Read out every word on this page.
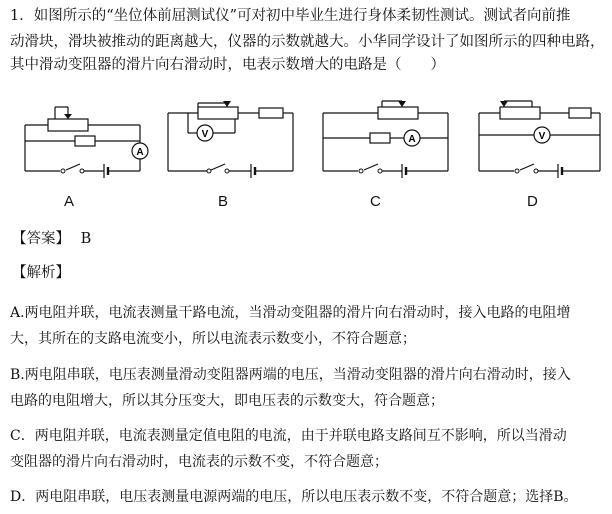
1．如图所示的“坐位体前屈测试仪”可对初中毕业生进行身体柔韧性测试。测试者向前推
动滑块，滑块被推动的距离越大，仪器的示数就越大。小华同学设计了如图所示的四种电路，
其中滑动变阻器的滑片向右滑动时，电表示数增大的电路是（　　）
A
A
V
B
A
C
V
D
【答案】 B
【解析】
A.两电阻并联，电流表测量干路电流，当滑动变阻器的滑片向右滑动时，接入电路的电阻增
大，其所在的支路电流变小，所以电流表示数变小，不符合题意；
B.两电阻串联，电压表测量滑动变阻器两端的电压，当滑动变阻器的滑片向右滑动时，接入
电路的电阻增大，所以其分压变大，即电压表的示数变大，符合题意；
C．两电阻并联，电流表测量定值电阻的电流，由于并联电路支路间互不影响，所以当滑动
变阻器的滑片向右滑动时，电流表的示数不变，不符合题意；
D．两电阻串联，电压表测量电源两端的电压，所以电压表示数不变，不符合题意；选择B。
